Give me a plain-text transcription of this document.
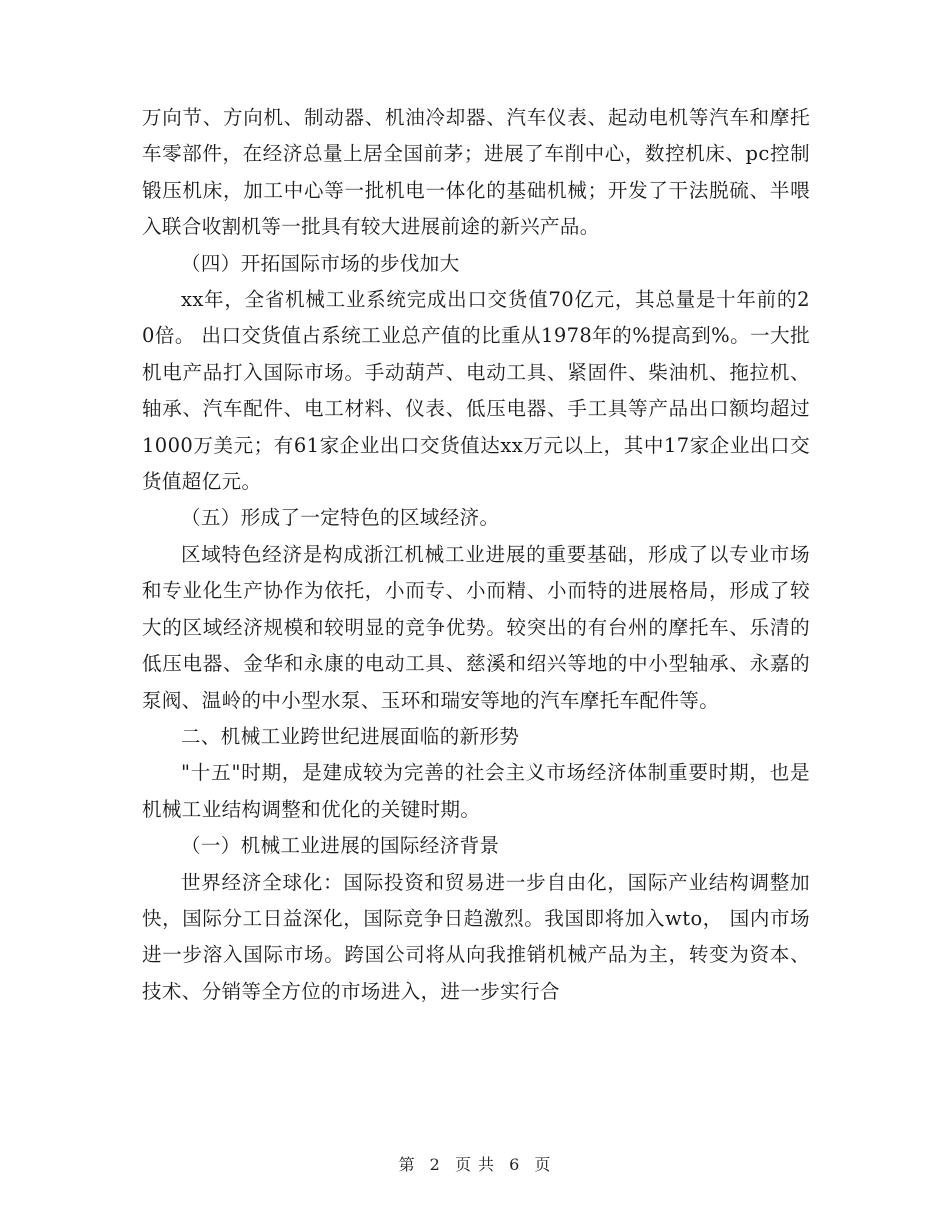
万向节、方向机、制动器、机油冷却器、汽车仪表、起动电机等汽车和摩托车零部件，在经济总量上居全国前茅；进展了车削中心，数控机床、pc控制锻压机床，加工中心等一批机电一体化的基础机械；开发了干法脱硫、半喂入联合收割机等一批具有较大进展前途的新兴产品。

（四）开拓国际市场的步伐加大

xx年，全省机械工业系统完成出口交货值70亿元，其总量是十年前的20倍。 出口交货值占系统工业总产值的比重从1978年的%提高到%。一大批机电产品打入国际市场。手动葫芦、电动工具、紧固件、柴油机、拖拉机、轴承、汽车配件、电工材料、仪表、低压电器、手工具等产品出口额均超过1000万美元；有61家企业出口交货值达xx万元以上，其中17家企业出口交货值超亿元。

（五）形成了一定特色的区域经济。

区域特色经济是构成浙江机械工业进展的重要基础，形成了以专业市场和专业化生产协作为依托，小而专、小而精、小而特的进展格局，形成了较大的区域经济规模和较明显的竞争优势。较突出的有台州的摩托车、乐清的低压电器、金华和永康的电动工具、慈溪和绍兴等地的中小型轴承、永嘉的泵阀、温岭的中小型水泵、玉环和瑞安等地的汽车摩托车配件等。

二、机械工业跨世纪进展面临的新形势

"十五"时期，是建成较为完善的社会主义市场经济体制重要时期，也是机械工业结构调整和优化的关键时期。

（一）机械工业进展的国际经济背景

世界经济全球化：国际投资和贸易进一步自由化，国际产业结构调整加快，国际分工日益深化，国际竞争日趋激烈。我国即将加入wto， 国内市场进一步溶入国际市场。跨国公司将从向我推销机械产品为主，转变为资本、技术、分销等全方位的市场进入，进一步实行合

第 2 页 共 6 页
